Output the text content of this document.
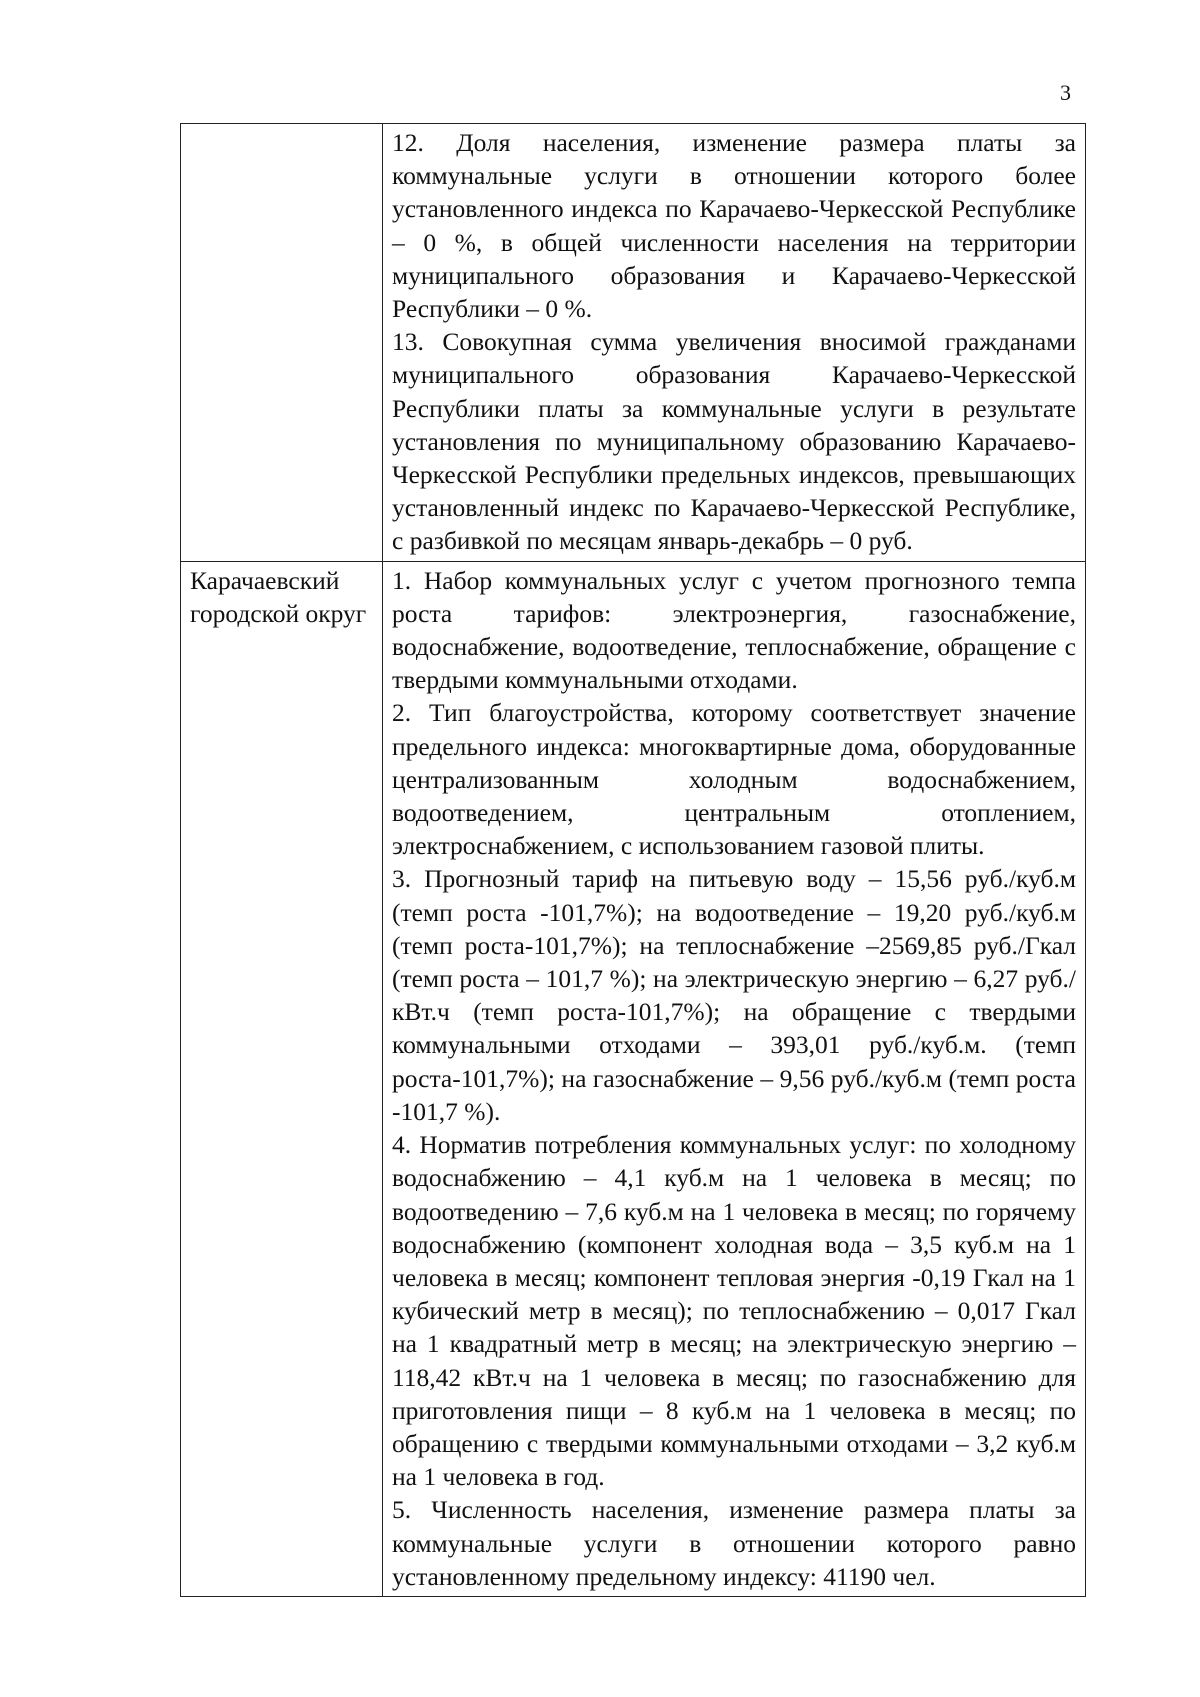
3

	12. Доля населения, изменение размера платы за коммунальные услуги в отношении которого более установленного индекса по Карачаево-Черкесской Республике – 0 %, в общей численности населения на территории муниципального образования и Карачаево-Черкесской Республики – 0 %.

13. Совокупная сумма увеличения вносимой гражданами муниципального образования Карачаево-Черкесской Республики платы за коммунальные услуги в результате установления по муниципальному образованию Карачаево-Черкесской Республики предельных индексов, превышающих установленный индекс по Карачаево-Черкесской Республике, с разбивкой по месяцам январь-декабрь – 0 руб.

Карачаевский городской округ	1. Набор коммунальных услуг с учетом прогнозного темпа роста тарифов: электроэнергия, газоснабжение, водоснабжение, водоотведение, теплоснабжение, обращение с твердыми коммунальными отходами.

2. Тип благоустройства, которому соответствует значение предельного индекса: многоквартирные дома, оборудованные централизованным холодным водоснабжением, водоотведением, центральным отоплением, электроснабжением, с использованием газовой плиты.

3. Прогнозный тариф на питьевую воду – 15,56 руб./куб.м (темп роста -101,7%); на водоотведение – 19,20 руб./куб.м (темп роста-101,7%); на теплоснабжение –2569,85 руб./Гкал (темп роста – 101,7 %); на электрическую энергию – 6,27 руб./кВт.ч (темп роста-101,7%); на обращение с твердыми коммунальными отходами – 393,01 руб./куб.м. (темп роста-101,7%); на газоснабжение – 9,56 руб./куб.м (темп роста -101,7 %).

4. Норматив потребления коммунальных услуг: по холодному водоснабжению – 4,1 куб.м на 1 человека в месяц; по водоотведению – 7,6 куб.м на 1 человека в месяц; по горячему водоснабжению (компонент холодная вода – 3,5 куб.м на 1 человека в месяц; компонент тепловая энергия -0,19 Гкал на 1 кубический метр в месяц); по теплоснабжению – 0,017 Гкал на 1 квадратный метр в месяц; на электрическую энергию – 118,42 кВт.ч на 1 человека в месяц; по газоснабжению для приготовления пищи – 8 куб.м на 1 человека в месяц; по обращению с твердыми коммунальными отходами – 3,2 куб.м на 1 человека в год.

5. Численность населения, изменение размера платы за коммунальные услуги в отношении которого равно установленному предельному индексу: 41190 чел.
